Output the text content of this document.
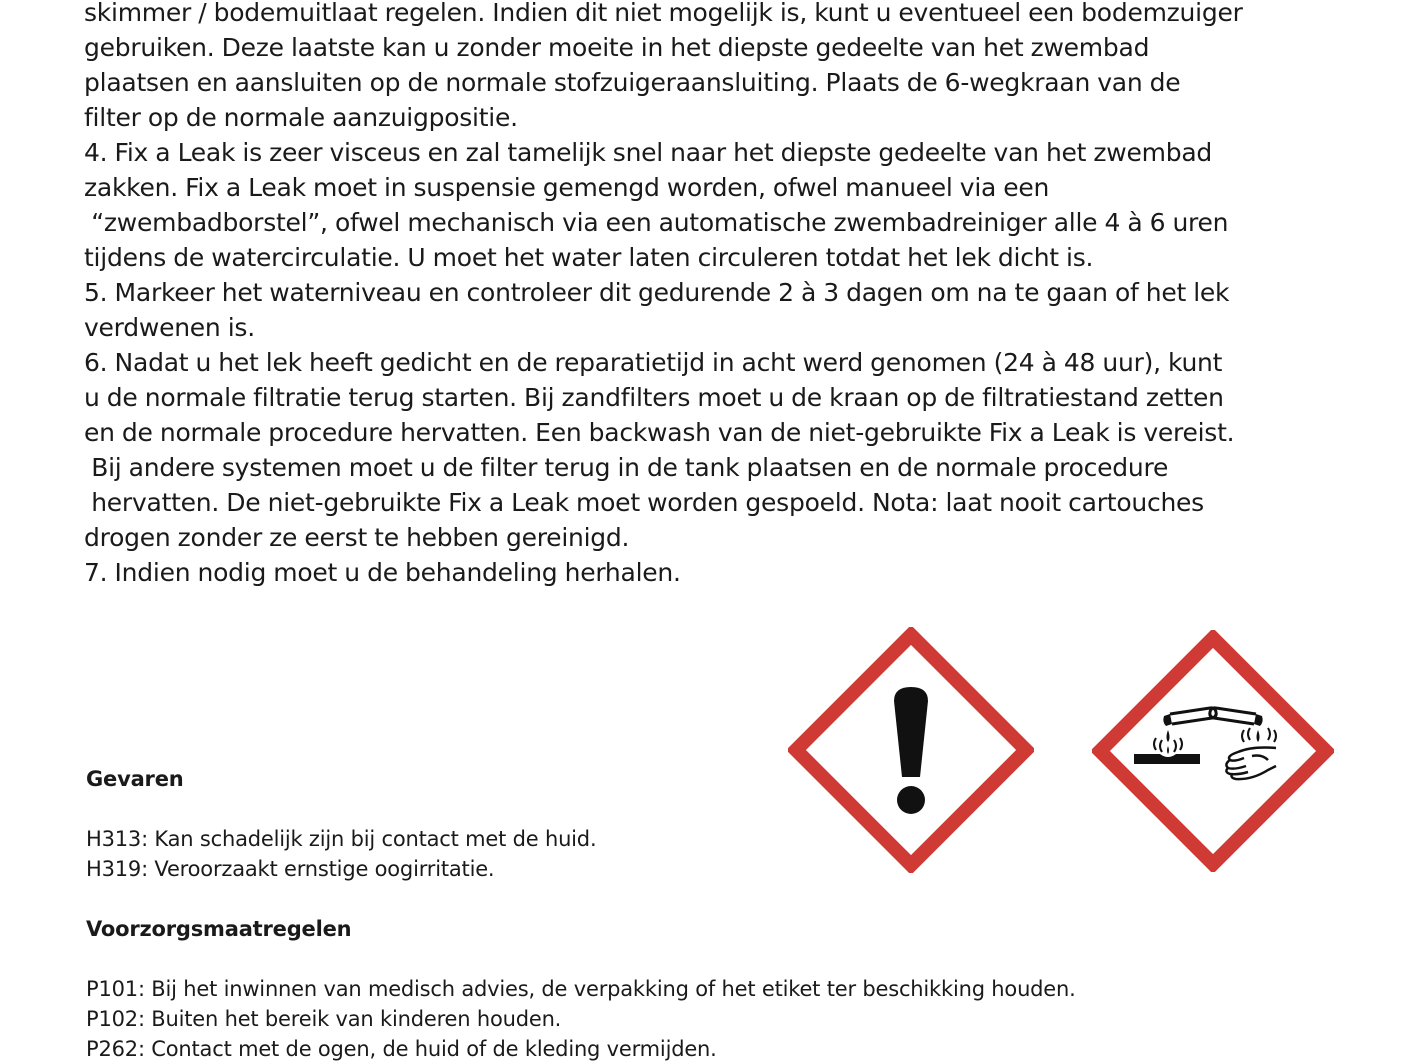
skimmer / bodemuitlaat regelen. Indien dit niet mogelijk is, kunt u eventueel een bodemzuiger

gebruiken. Deze laatste kan u zonder moeite in het diepste gedeelte van het zwembad

plaatsen en aansluiten op de normale stofzuigeraansluiting. Plaats de 6-wegkraan van de

filter op de normale aanzuigpositie.

4. Fix a Leak is zeer visceus en zal tamelijk snel naar het diepste gedeelte van het zwembad

zakken. Fix a Leak moet in suspensie gemengd worden, ofwel manueel via een

“zwembadborstel”, ofwel mechanisch via een automatische zwembadreiniger alle 4 à 6 uren

tijdens de watercirculatie. U moet het water laten circuleren totdat het lek dicht is.

5. Markeer het waterniveau en controleer dit gedurende 2 à 3 dagen om na te gaan of het lek

verdwenen is.

6. Nadat u het lek heeft gedicht en de reparatietijd in acht werd genomen (24 à 48 uur), kunt

u de normale filtratie terug starten. Bij zandfilters moet u de kraan op de filtratiestand zetten

en de normale procedure hervatten. Een backwash van de niet-gebruikte Fix a Leak is vereist.

Bij andere systemen moet u de filter terug in de tank plaatsen en de normale procedure

hervatten. De niet-gebruikte Fix a Leak moet worden gespoeld. Nota: laat nooit cartouches

drogen zonder ze eerst te hebben gereinigd.

7. Indien nodig moet u de behandeling herhalen.

Gevaren

H313: Kan schadelijk zijn bij contact met de huid.

H319: Veroorzaakt ernstige oogirritatie.

Voorzorgsmaatregelen

P101: Bij het inwinnen van medisch advies, de verpakking of het etiket ter beschikking houden.

P102: Buiten het bereik van kinderen houden.

P262: Contact met de ogen, de huid of de kleding vermijden.
